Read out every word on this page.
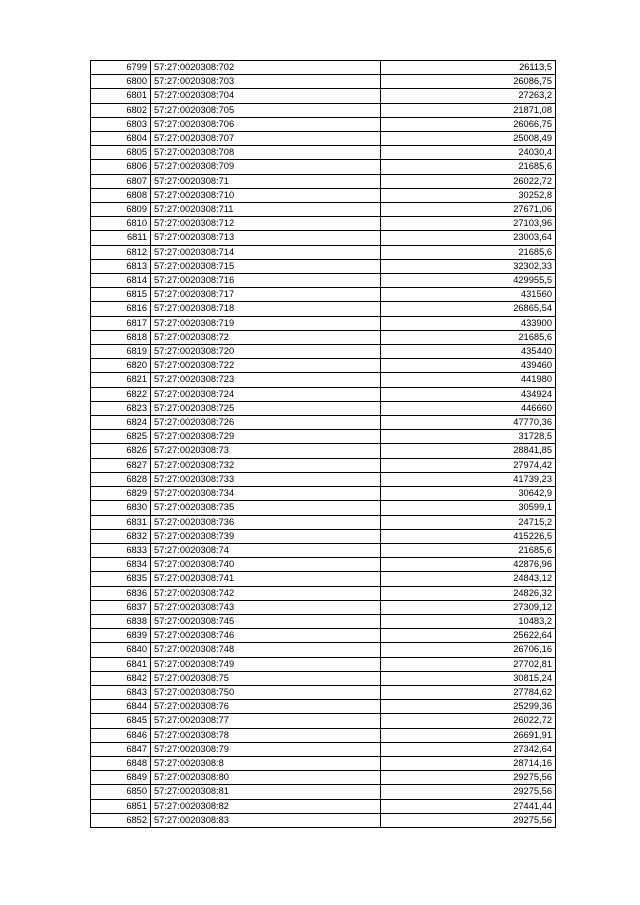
6799	57:27:0020308:702	26113,5
6800	57:27:0020308:703	26086,75
6801	57:27:0020308:704	27263,2
6802	57:27:0020308:705	21871,08
6803	57:27:0020308:706	26066,75
6804	57:27:0020308:707	25008,49
6805	57:27:0020308:708	24030,4
6806	57:27:0020308:709	21685,6
6807	57:27:0020308:71	26022,72
6808	57:27:0020308:710	30252,8
6809	57:27:0020308:711	27671,06
6810	57:27:0020308:712	27103,96
6811	57:27:0020308:713	23003,64
6812	57:27:0020308:714	21685,6
6813	57:27:0020308:715	32302,33
6814	57:27:0020308:716	429955,5
6815	57:27:0020308:717	431560
6816	57:27:0020308:718	26865,54
6817	57:27:0020308:719	433900
6818	57:27:0020308:72	21685,6
6819	57:27:0020308:720	435440
6820	57:27:0020308:722	439460
6821	57:27:0020308:723	441980
6822	57:27:0020308:724	434924
6823	57:27:0020308:725	446660
6824	57:27:0020308:726	47770,36
6825	57:27:0020308:729	31728,5
6826	57:27:0020308:73	28841,85
6827	57:27:0020308:732	27974,42
6828	57:27:0020308:733	41739,23
6829	57:27:0020308:734	30642,9
6830	57:27:0020308:735	30599,1
6831	57:27:0020308:736	24715,2
6832	57:27:0020308:739	415226,5
6833	57:27:0020308:74	21685,6
6834	57:27:0020308:740	42876,96
6835	57:27:0020308:741	24843,12
6836	57:27:0020308:742	24826,32
6837	57:27:0020308:743	27309,12
6838	57:27:0020308:745	10483,2
6839	57:27:0020308:746	25622,64
6840	57:27:0020308:748	26706,16
6841	57:27:0020308:749	27702,81
6842	57:27:0020308:75	30815,24
6843	57:27:0020308:750	27784,62
6844	57:27:0020308:76	25299,36
6845	57:27:0020308:77	26022,72
6846	57:27:0020308:78	26691,91
6847	57:27:0020308:79	27342,64
6848	57:27:0020308:8	28714,16
6849	57:27:0020308:80	29275,56
6850	57:27:0020308:81	29275,56
6851	57:27:0020308:82	27441,44
6852	57:27:0020308:83	29275,56
